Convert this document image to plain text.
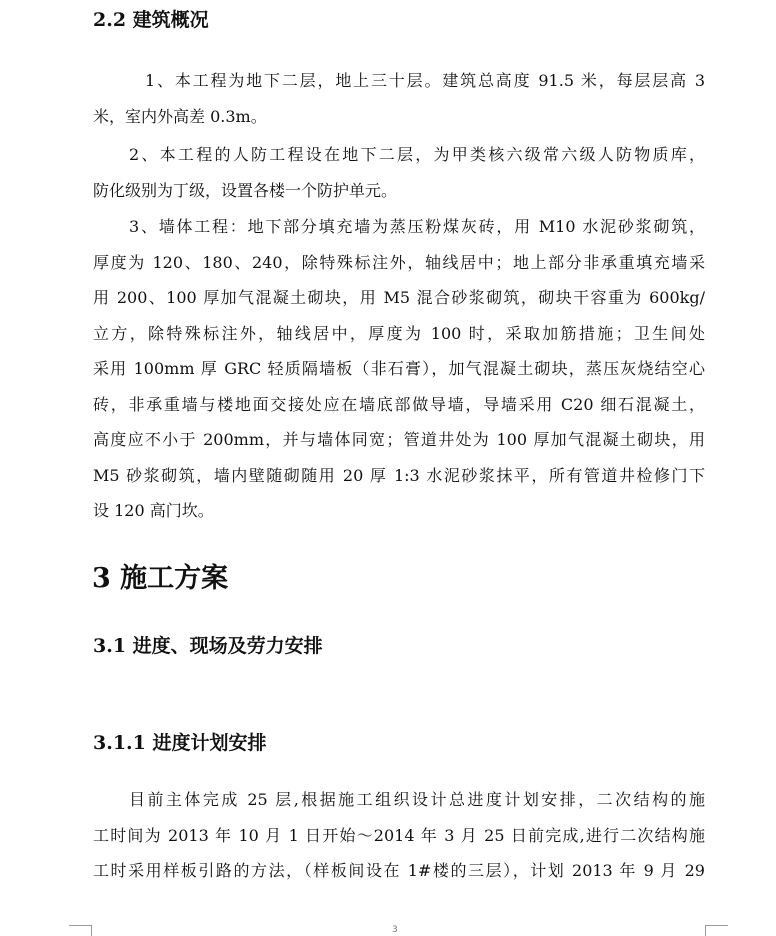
2.2 建筑概况
1、本工程为地下二层，地上三十层。建筑总高度 91.5 米，每层层高 3
米，室内外高差 0.3m。
2、本工程的人防工程设在地下二层，为甲类核六级常六级人防物质库，
防化级别为丁级，设置各楼一个防护单元。
3、墙体工程：地下部分填充墙为蒸压粉煤灰砖，用 M10 水泥砂浆砌筑，
厚度为 120、180、240，除特殊标注外，轴线居中；地上部分非承重填充墙采
用 200、100 厚加气混凝土砌块，用 M5 混合砂浆砌筑，砌块干容重为 600kg/
立方，除特殊标注外，轴线居中，厚度为 100 时，采取加筋措施；卫生间处
采用 100mm 厚 GRC 轻质隔墙板（非石膏），加气混凝土砌块，蒸压灰烧结空心
砖，非承重墙与楼地面交接处应在墙底部做导墙，导墙采用 C20 细石混凝土，
高度应不小于 200mm，并与墙体同宽；管道井处为 100 厚加气混凝土砌块，用
M5 砂浆砌筑，墙内壁随砌随用 20 厚 1:3 水泥砂浆抹平，所有管道井检修门下
设 120 高门坎。
3 施工方案
3.1 进度、现场及劳力安排
3.1.1 进度计划安排
目前主体完成 25 层,根据施工组织设计总进度计划安排，二次结构的施
工时间为 2013 年 10 月 1 日开始～2014 年 3 月 25 日前完成,进行二次结构施
工时采用样板引路的方法，（样板间设在 1#楼的三层），计划 2013 年 9 月 29
3
